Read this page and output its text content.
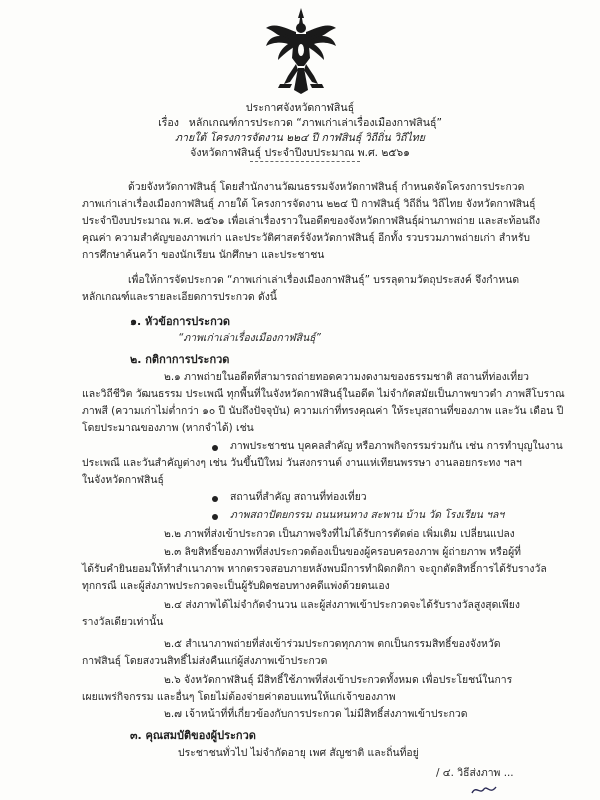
ประกาศจังหวัดกาฬสินธุ์
เรื่อง หลักเกณฑ์การประกวด “ภาพเก่าเล่าเรื่องเมืองกาฬสินธุ์”
ภายใต้ โครงการจัดงาน ๒๒๔ ปี กาฬสินธุ์ วิถีถิ่น วิถีไทย
จังหวัดกาฬสินธุ์ ประจำปีงบประมาณ พ.ศ. ๒๕๖๑
ด้วยจังหวัดกาฬสินธุ์ โดยสำนักงานวัฒนธรรมจังหวัดกาฬสินธุ์ กำหนดจัดโครงการประกวด
ภาพเก่าเล่าเรื่องเมืองกาฬสินธุ์ ภายใต้ โครงการจัดงาน ๒๒๔ ปี กาฬสินธุ์ วิถีถิ่น วิถีไทย จังหวัดกาฬสินธุ์
ประจำปีงบประมาณ พ.ศ. ๒๕๖๑ เพื่อเล่าเรื่องราวในอดีตของจังหวัดกาฬสินธุ์ผ่านภาพถ่าย และสะท้อนถึง
คุณค่า ความสำคัญของภาพเก่า และประวัติศาสตร์จังหวัดกาฬสินธุ์ อีกทั้ง รวบรวมภาพถ่ายเก่า สำหรับ
การศึกษาค้นคว้า ของนักเรียน นักศึกษา และประชาชน
เพื่อให้การจัดประกวด “ภาพเก่าเล่าเรื่องเมืองกาฬสินธุ์” บรรลุตามวัตถุประสงค์ จึงกำหนด
หลักเกณฑ์และรายละเอียดการประกวด ดังนี้
๑. หัวข้อการประกวด
“ภาพเก่าเล่าเรื่องเมืองกาฬสินธุ์”
๒. กติกาการประกวด
๒.๑ ภาพถ่ายในอดีตที่สามารถถ่ายทอดความงดงามของธรรมชาติ สถานที่ท่องเที่ยว
และวิถีชีวิต วัฒนธรรม ประเพณี ทุกพื้นที่ในจังหวัดกาฬสินธุ์ในอดีต ไม่จำกัดสมัยเป็นภาพขาวดำ ภาพสีโบราณ
ภาพสี (ความเก่าไม่ต่ำกว่า ๑๐ ปี นับถึงปัจจุบัน) ความเก่าที่ทรงคุณค่า ให้ระบุสถานที่ของภาพ และวัน เดือน ปี
โดยประมาณของภาพ (หากจำได้) เช่น
ภาพประชาชน บุคคลสำคัญ หรือภาพกิจกรรมร่วมกัน เช่น การทำบุญในงาน
ประเพณี และวันสำคัญต่างๆ เช่น วันขึ้นปีใหม่ วันสงกรานต์ งานแห่เทียนพรรษา งานลอยกระทง ฯลฯ
ในจังหวัดกาฬสินธุ์
สถานที่สำคัญ สถานที่ท่องเที่ยว
ภาพสถาปัตยกรรม ถนนหนทาง สะพาน บ้าน วัด โรงเรียน ฯลฯ
๒.๒ ภาพที่ส่งเข้าประกวด เป็นภาพจริงที่ไม่ได้รับการตัดต่อ เพิ่มเติม เปลี่ยนแปลง
๒.๓ ลิขสิทธิ์ของภาพที่ส่งประกวดต้องเป็นของผู้ครอบครองภาพ ผู้ถ่ายภาพ หรือผู้ที่
ได้รับคำยินยอมให้ทำสำเนาภาพ หากตรวจสอบภายหลังพบมีการทำผิดกติกา จะถูกตัดสิทธิ์การได้รับรางวัล
ทุกกรณี และผู้ส่งภาพประกวดจะเป็นผู้รับผิดชอบทางคดีแพ่งด้วยตนเอง
๒.๔ ส่งภาพได้ไม่จำกัดจำนวน และผู้ส่งภาพเข้าประกวดจะได้รับรางวัลสูงสุดเพียง
รางวัลเดียวเท่านั้น
๒.๕ สำเนาภาพถ่ายที่ส่งเข้าร่วมประกวดทุกภาพ ตกเป็นกรรมสิทธิ์ของจังหวัด
กาฬสินธุ์ โดยสงวนสิทธิ์ไม่ส่งคืนแก่ผู้ส่งภาพเข้าประกวด
๒.๖ จังหวัดกาฬสินธุ์ มีสิทธิ์ใช้ภาพที่ส่งเข้าประกวดทั้งหมด เพื่อประโยชน์ในการ
เผยแพร่กิจกรรม และอื่นๆ โดยไม่ต้องจ่ายค่าตอบแทนให้แก่เจ้าของภาพ
๒.๗ เจ้าหน้าที่ที่เกี่ยวข้องกับการประกวด ไม่มีสิทธิ์ส่งภาพเข้าประกวด
๓. คุณสมบัติของผู้ประกวด
ประชาชนทั่วไป ไม่จำกัดอายุ เพศ สัญชาติ และถิ่นที่อยู่
/ ๔. วิธีส่งภาพ ...
